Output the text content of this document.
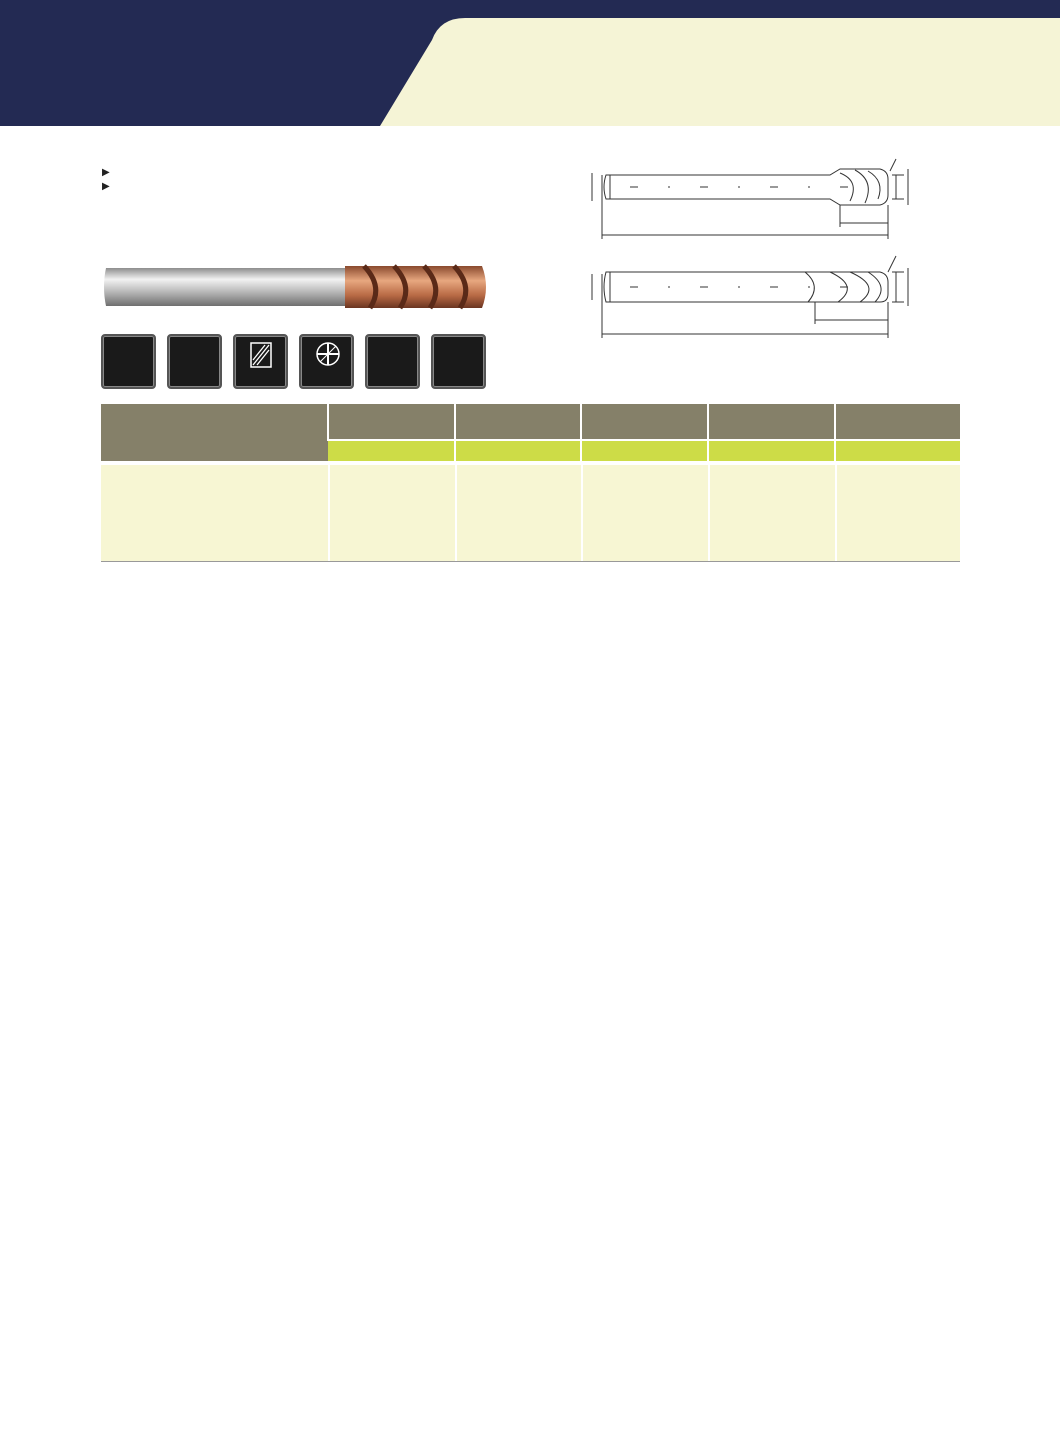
▶
▶
